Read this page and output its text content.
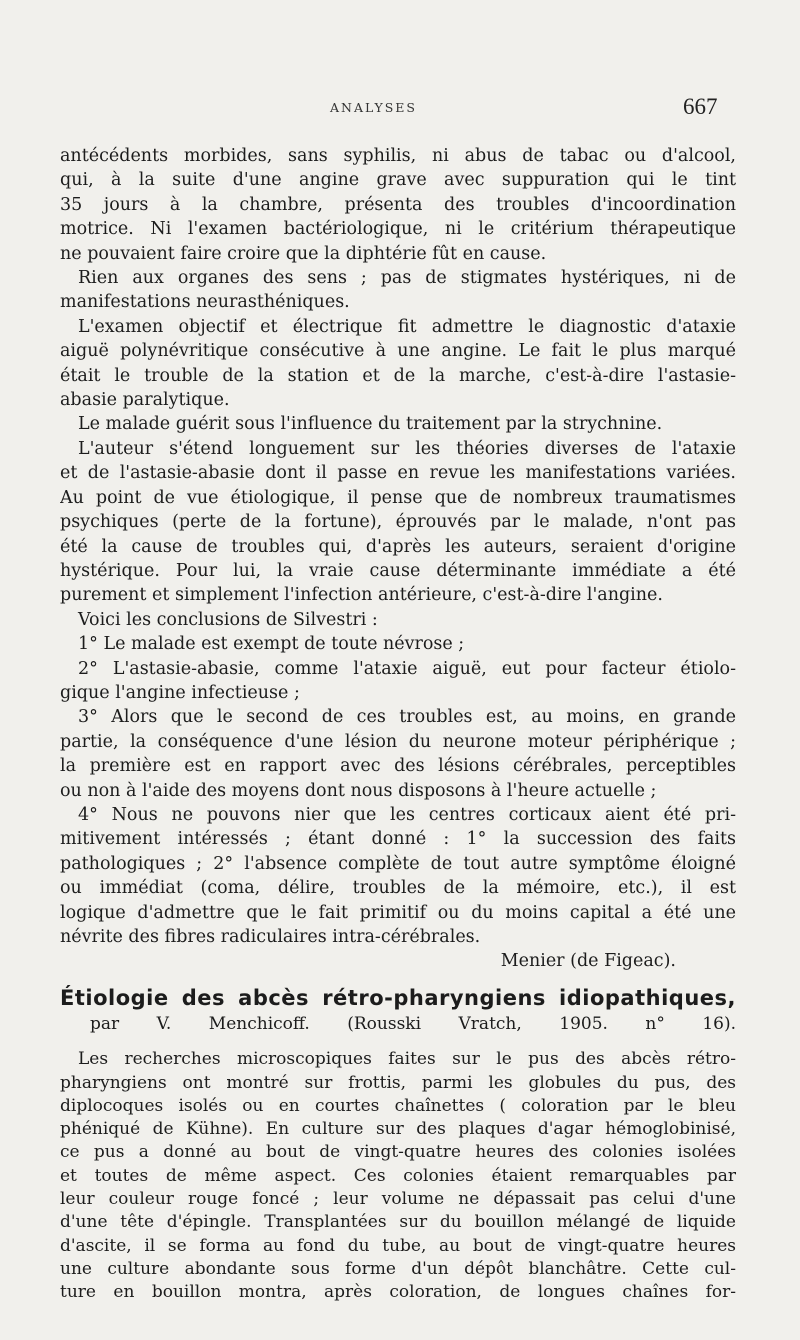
ANALYSES	667
antécédents morbides, sans syphilis, ni abus de tabac ou d'alcool,
qui, à la suite d'une angine grave avec suppuration qui le tint
35 jours à la chambre, présenta des troubles d'incoordination
motrice. Ni l'examen bactériologique, ni le critérium thérapeutique
ne pouvaient faire croire que la diphtérie fût en cause.
Rien aux organes des sens ; pas de stigmates hystériques, ni de
manifestations neurasthéniques.
L'examen objectif et électrique fit admettre le diagnostic d'ataxie
aiguë polynévritique consécutive à une angine. Le fait le plus marqué
était le trouble de la station et de la marche, c'est-à-dire l'astasie-
abasie paralytique.
Le malade guérit sous l'influence du traitement par la strychnine.
L'auteur s'étend longuement sur les théories diverses de l'ataxie
et de l'astasie-abasie dont il passe en revue les manifestations variées.
Au point de vue étiologique, il pense que de nombreux traumatismes
psychiques (perte de la fortune), éprouvés par le malade, n'ont pas
été la cause de troubles qui, d'après les auteurs, seraient d'origine
hystérique. Pour lui, la vraie cause déterminante immédiate a été
purement et simplement l'infection antérieure, c'est-à-dire l'angine.
Voici les conclusions de Silvestri :
1° Le malade est exempt de toute névrose ;
2° L'astasie-abasie, comme l'ataxie aiguë, eut pour facteur étiolo-
gique l'angine infectieuse ;
3° Alors que le second de ces troubles est, au moins, en grande
partie, la conséquence d'une lésion du neurone moteur périphérique ;
la première est en rapport avec des lésions cérébrales, perceptibles
ou non à l'aide des moyens dont nous disposons à l'heure actuelle ;
4° Nous ne pouvons nier que les centres corticaux aient été pri-
mitivement intéressés ; étant donné : 1° la succession des faits
pathologiques ; 2° l'absence complète de tout autre symptôme éloigné
ou immédiat (coma, délire, troubles de la mémoire, etc.), il est
logique d'admettre que le fait primitif ou du moins capital a été une
névrite des fibres radiculaires intra-cérébrales.
Menier (de Figeac).
Étiologie des abcès rétro-pharyngiens idiopathiques,
par V. Menchicoff. (Rousski Vratch, 1905. n° 16).
Les recherches microscopiques faites sur le pus des abcès rétro-
pharyngiens ont montré sur frottis, parmi les globules du pus, des
diplocoques isolés ou en courtes chaînettes ( coloration par le bleu
phéniqué de Kühne). En culture sur des plaques d'agar hémoglobinisé,
ce pus a donné au bout de vingt-quatre heures des colonies isolées
et toutes de même aspect. Ces colonies étaient remarquables par
leur couleur rouge foncé ; leur volume ne dépassait pas celui d'une
d'une tête d'épingle. Transplantées sur du bouillon mélangé de liquide
d'ascite, il se forma au fond du tube, au bout de vingt-quatre heures
une culture abondante sous forme d'un dépôt blanchâtre. Cette cul-
ture en bouillon montra, après coloration, de longues chaînes for-
